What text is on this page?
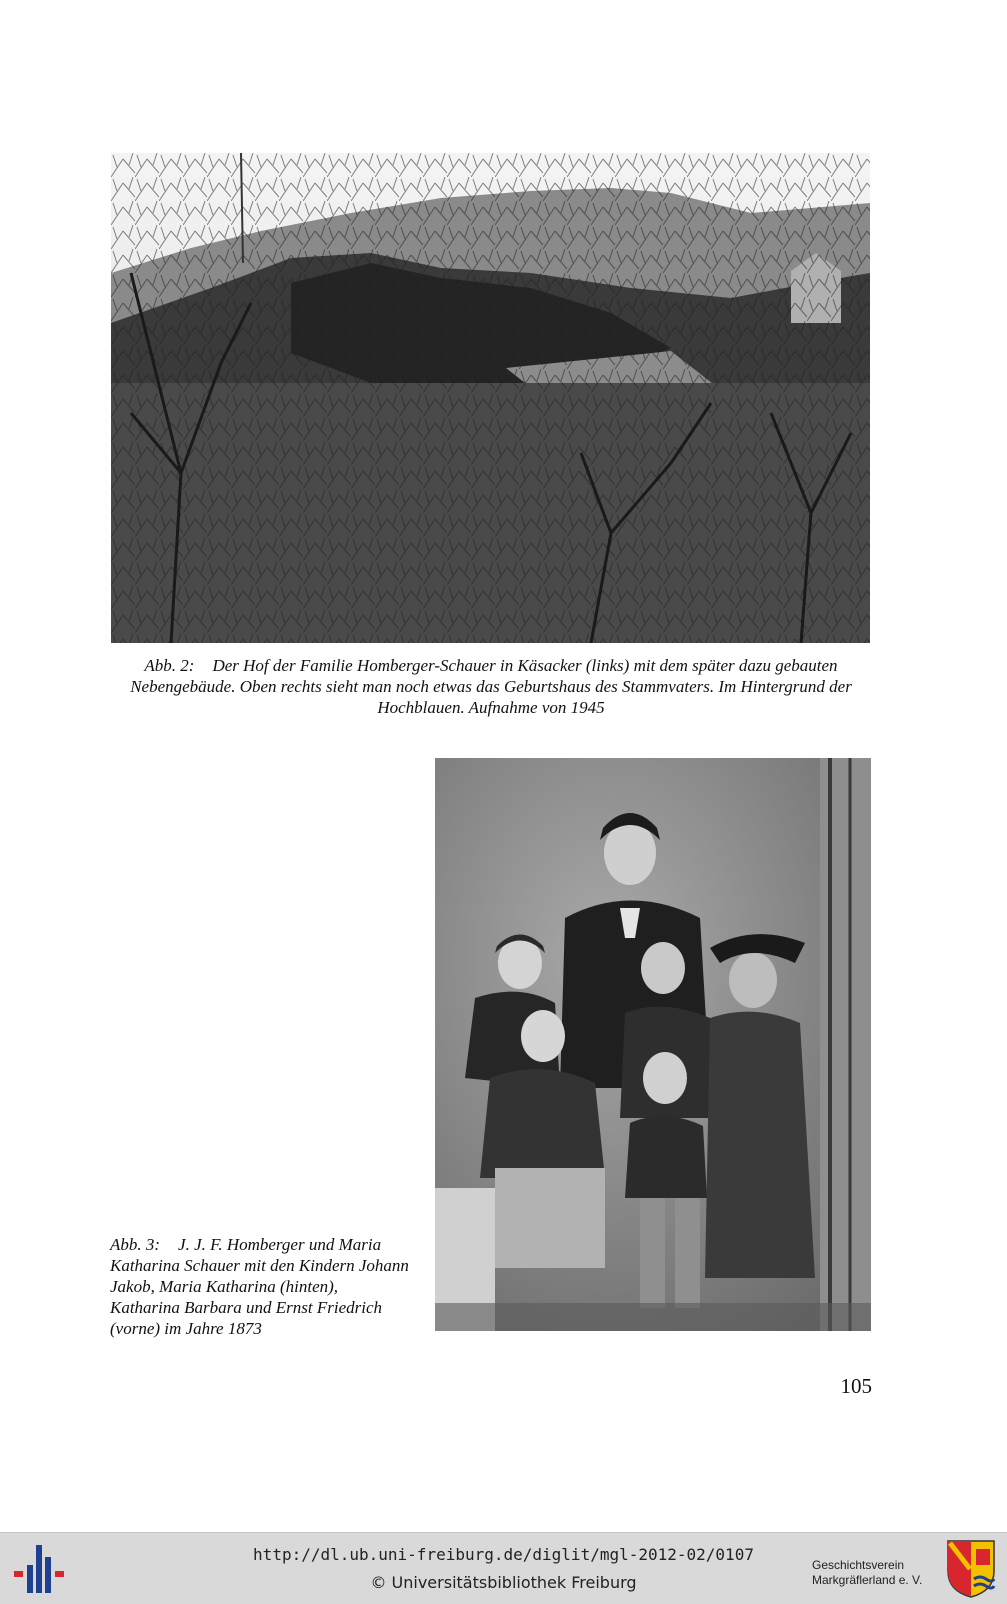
Abb. 2: Der Hof der Familie Homberger-Schauer in Käsacker (links) mit dem später dazu gebauten Nebengebäude. Oben rechts sieht man noch etwas das Geburtshaus des Stammvaters. Im Hintergrund der Hochblauen. Aufnahme von 1945
Abb. 3: J. J. F. Homberger und Maria Katharina Schauer mit den Kindern Johann Jakob, Maria Katharina (hinten), Katharina Barbara und Ernst Friedrich (vorne) im Jahre 1873
105
http://dl.ub.uni-freiburg.de/diglit/mgl-2012-02/0107
© Universitätsbibliothek Freiburg
Geschichtsverein
Markgräflerland e. V.
